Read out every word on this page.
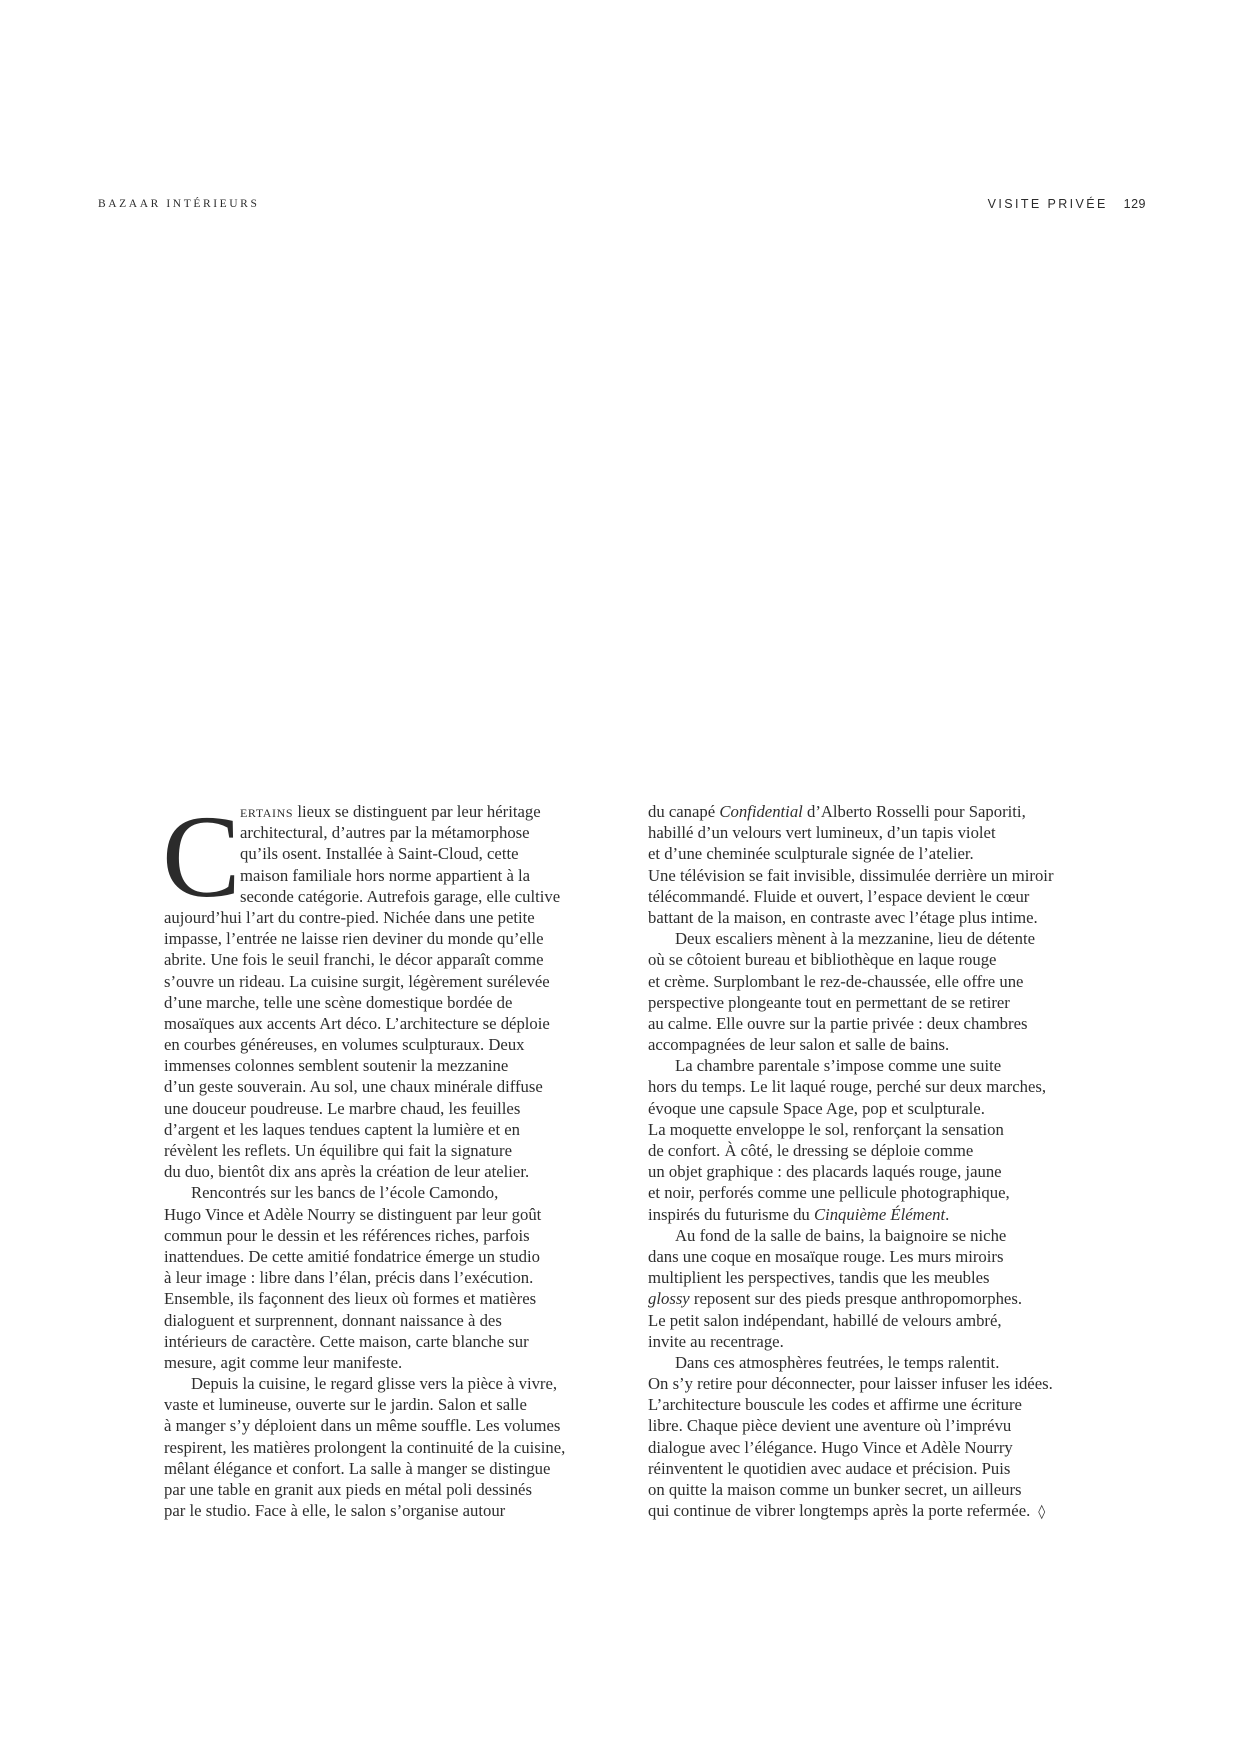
BAZAAR INTÉRIEURS	VISITE PRIVÉE 129
C ertains lieux se distinguent par leur héritage
architectural, d’autres par la métamorphose
qu’ils osent. Installée à Saint-Cloud, cette
maison familiale hors norme appartient à la
seconde catégorie. Autrefois garage, elle cultive
aujourd’hui l’art du contre-pied. Nichée dans une petite
impasse, l’entrée ne laisse rien deviner du monde qu’elle
abrite. Une fois le seuil franchi, le décor apparaît comme
s’ouvre un rideau. La cuisine surgit, légèrement surélevée
d’une marche, telle une scène domestique bordée de
mosaïques aux accents Art déco. L’architecture se déploie
en courbes généreuses, en volumes sculpturaux. Deux
immenses colonnes semblent soutenir la mezzanine
d’un geste souverain. Au sol, une chaux minérale diffuse
une douceur poudreuse. Le marbre chaud, les feuilles
d’argent et les laques tendues captent la lumière et en
révèlent les reflets. Un équilibre qui fait la signature
du duo, bientôt dix ans après la création de leur atelier.
Rencontrés sur les bancs de l’école Camondo,
Hugo Vince et Adèle Nourry se distinguent par leur goût
commun pour le dessin et les références riches, parfois
inattendues. De cette amitié fondatrice émerge un studio
à leur image : libre dans l’élan, précis dans l’exécution.
Ensemble, ils façonnent des lieux où formes et matières
dialoguent et surprennent, donnant naissance à des
intérieurs de caractère. Cette maison, carte blanche sur
mesure, agit comme leur manifeste.
Depuis la cuisine, le regard glisse vers la pièce à vivre,
vaste et lumineuse, ouverte sur le jardin. Salon et salle
à manger s’y déploient dans un même souffle. Les volumes
respirent, les matières prolongent la continuité de la cuisine,
mêlant élégance et confort. La salle à manger se distingue
par une table en granit aux pieds en métal poli dessinés
par le studio. Face à elle, le salon s’organise autour
du canapé Confidential d’Alberto Rosselli pour Saporiti,
habillé d’un velours vert lumineux, d’un tapis violet
et d’une cheminée sculpturale signée de l’atelier.
Une télévision se fait invisible, dissimulée derrière un miroir
télécommandé. Fluide et ouvert, l’espace devient le cœur
battant de la maison, en contraste avec l’étage plus intime.
Deux escaliers mènent à la mezzanine, lieu de détente
où se côtoient bureau et bibliothèque en laque rouge
et crème. Surplombant le rez-de-chaussée, elle offre une
perspective plongeante tout en permettant de se retirer
au calme. Elle ouvre sur la partie privée : deux chambres
accompagnées de leur salon et salle de bains.
La chambre parentale s’impose comme une suite
hors du temps. Le lit laqué rouge, perché sur deux marches,
évoque une capsule Space Age, pop et sculpturale.
La moquette enveloppe le sol, renforçant la sensation
de confort. À côté, le dressing se déploie comme
un objet graphique : des placards laqués rouge, jaune
et noir, perforés comme une pellicule photographique,
inspirés du futurisme du Cinquième Élément.
Au fond de la salle de bains, la baignoire se niche
dans une coque en mosaïque rouge. Les murs miroirs
multiplient les perspectives, tandis que les meubles
glossy reposent sur des pieds presque anthropomorphes.
Le petit salon indépendant, habillé de velours ambré,
invite au recentrage.
Dans ces atmosphères feutrées, le temps ralentit.
On s’y retire pour déconnecter, pour laisser infuser les idées.
L’architecture bouscule les codes et affirme une écriture
libre. Chaque pièce devient une aventure où l’imprévu
dialogue avec l’élégance. Hugo Vince et Adèle Nourry
réinventent le quotidien avec audace et précision. Puis
on quitte la maison comme un bunker secret, un ailleurs
qui continue de vibrer longtemps après la porte refermée. ◊
